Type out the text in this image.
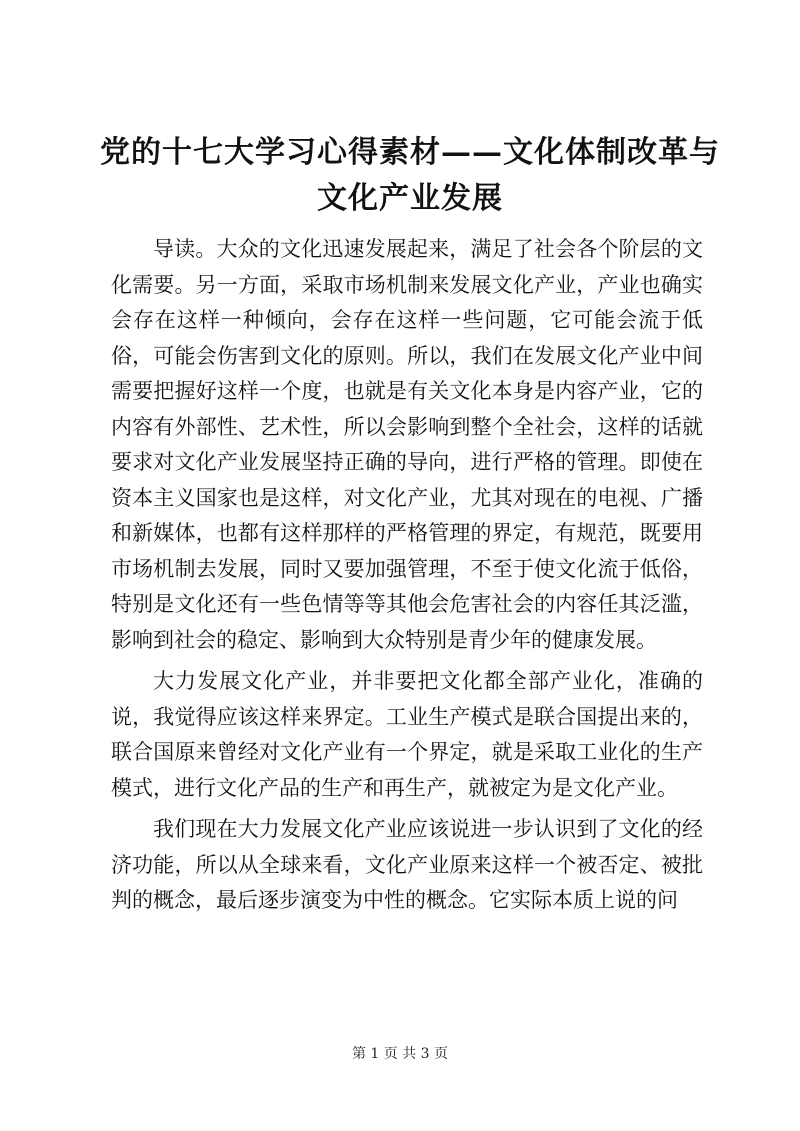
党的十七大学习心得素材——文化体制改革与
文化产业发展

导读。大众的文化迅速发展起来，满足了社会各个阶层的文化需要。另一方面，采取市场机制来发展文化产业，产业也确实会存在这样一种倾向，会存在这样一些问题，它可能会流于低俗，可能会伤害到文化的原则。所以，我们在发展文化产业中间需要把握好这样一个度，也就是有关文化本身是内容产业，它的内容有外部性、艺术性，所以会影响到整个全社会，这样的话就要求对文化产业发展坚持正确的导向，进行严格的管理。即使在资本主义国家也是这样，对文化产业，尤其对现在的电视、广播和新媒体，也都有这样那样的严格管理的界定，有规范，既要用市场机制去发展，同时又要加强管理，不至于使文化流于低俗，特别是文化还有一些色情等等其他会危害社会的内容任其泛滥，影响到社会的稳定、影响到大众特别是青少年的健康发展。

大力发展文化产业，并非要把文化都全部产业化，准确的说，我觉得应该这样来界定。工业生产模式是联合国提出来的，联合国原来曾经对文化产业有一个界定，就是采取工业化的生产模式，进行文化产品的生产和再生产，就被定为是文化产业。

我们现在大力发展文化产业应该说进一步认识到了文化的经济功能，所以从全球来看，文化产业原来这样一个被否定、被批判的概念，最后逐步演变为中性的概念。它实际本质上说的问

第 1 页 共 3 页
